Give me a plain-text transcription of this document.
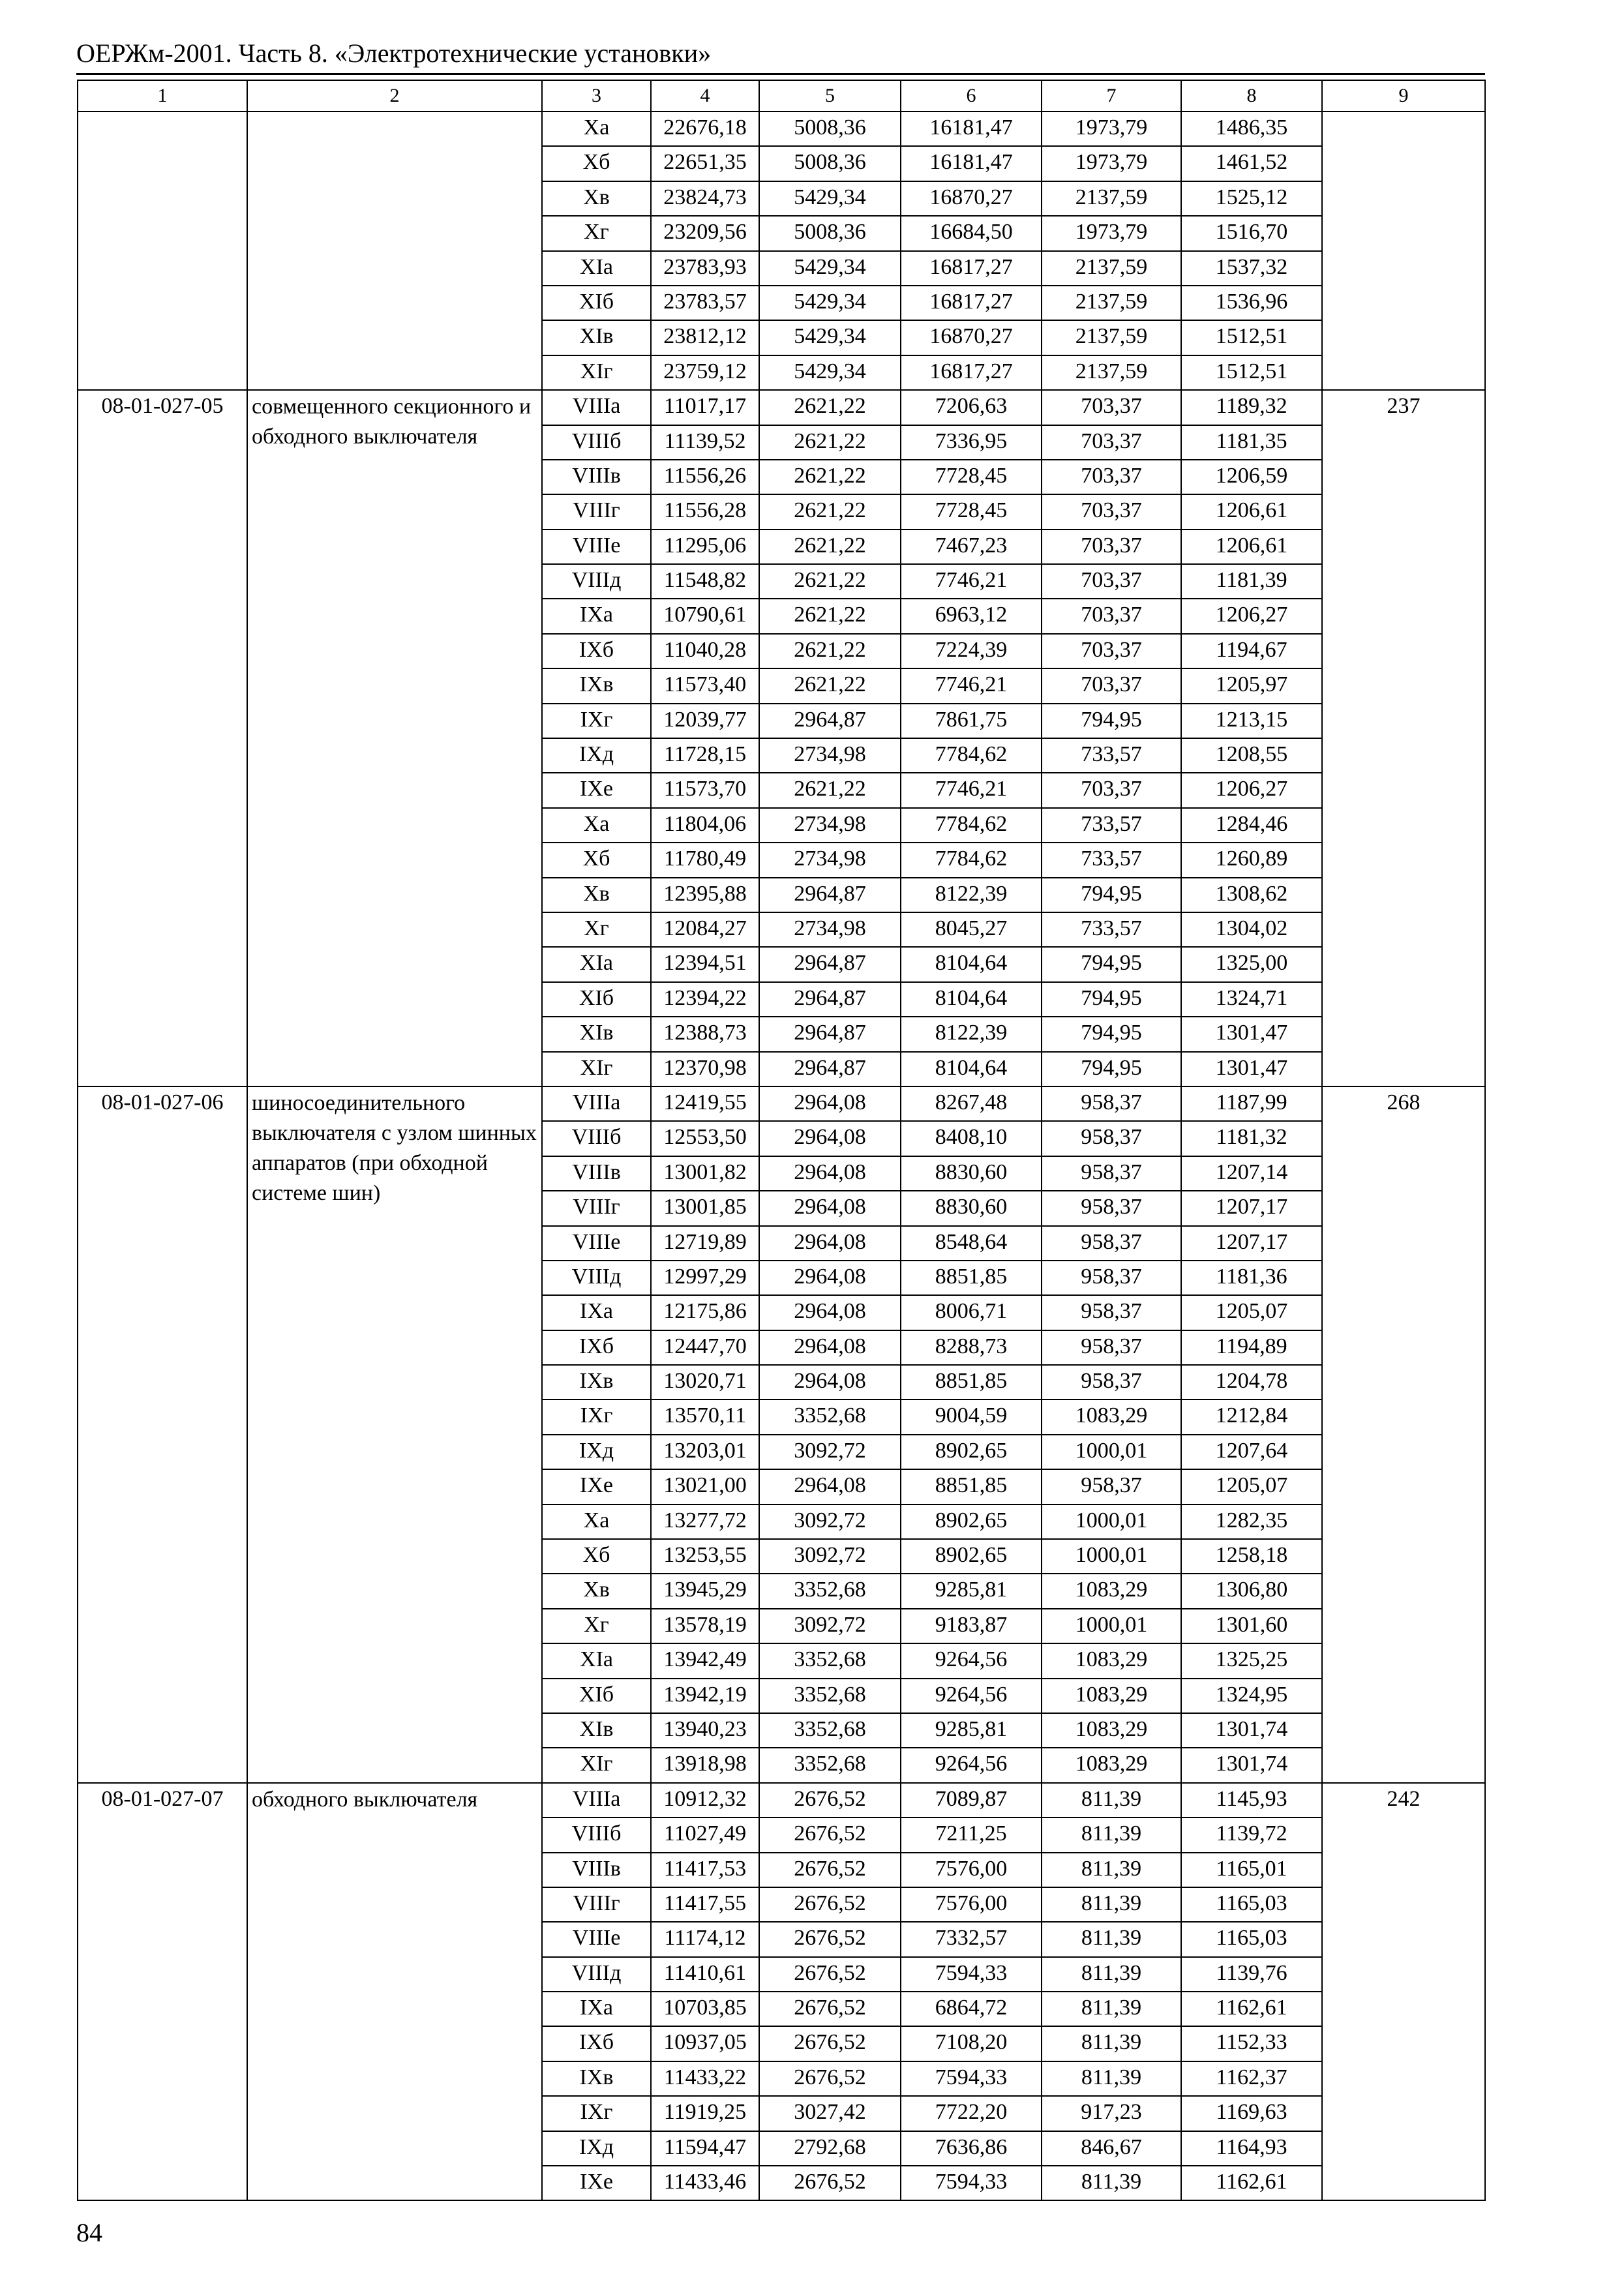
ОЕРЖм-2001. Часть 8. «Электротехнические установки»
1	2	3	4	5	6	7	8	9
		Xа	22676,18	5008,36	16181,47	1973,79	1486,35	
		Xб	22651,35	5008,36	16181,47	1973,79	1461,52	
		Xв	23824,73	5429,34	16870,27	2137,59	1525,12	
		Xг	23209,56	5008,36	16684,50	1973,79	1516,70	
		XIа	23783,93	5429,34	16817,27	2137,59	1537,32	
		XIб	23783,57	5429,34	16817,27	2137,59	1536,96	
		XIв	23812,12	5429,34	16870,27	2137,59	1512,51	
		XIг	23759,12	5429,34	16817,27	2137,59	1512,51	
08-01-027-05	совмещенного секционного и обходного выключателя	VIIIа	11017,17	2621,22	7206,63	703,37	1189,32	237
		VIIIб	11139,52	2621,22	7336,95	703,37	1181,35	
		VIIIв	11556,26	2621,22	7728,45	703,37	1206,59	
		VIIIг	11556,28	2621,22	7728,45	703,37	1206,61	
		VIIIе	11295,06	2621,22	7467,23	703,37	1206,61	
		VIIIд	11548,82	2621,22	7746,21	703,37	1181,39	
		IXа	10790,61	2621,22	6963,12	703,37	1206,27	
		IXб	11040,28	2621,22	7224,39	703,37	1194,67	
		IXв	11573,40	2621,22	7746,21	703,37	1205,97	
		IXг	12039,77	2964,87	7861,75	794,95	1213,15	
		IXд	11728,15	2734,98	7784,62	733,57	1208,55	
		IXе	11573,70	2621,22	7746,21	703,37	1206,27	
		Xа	11804,06	2734,98	7784,62	733,57	1284,46	
		Xб	11780,49	2734,98	7784,62	733,57	1260,89	
		Xв	12395,88	2964,87	8122,39	794,95	1308,62	
		Xг	12084,27	2734,98	8045,27	733,57	1304,02	
		XIа	12394,51	2964,87	8104,64	794,95	1325,00	
		XIб	12394,22	2964,87	8104,64	794,95	1324,71	
		XIв	12388,73	2964,87	8122,39	794,95	1301,47	
		XIг	12370,98	2964,87	8104,64	794,95	1301,47	
08-01-027-06	шиносоединительного выключателя с узлом шинных аппаратов (при обходной системе шин)	VIIIа	12419,55	2964,08	8267,48	958,37	1187,99	268
		VIIIб	12553,50	2964,08	8408,10	958,37	1181,32	
		VIIIв	13001,82	2964,08	8830,60	958,37	1207,14	
		VIIIг	13001,85	2964,08	8830,60	958,37	1207,17	
		VIIIе	12719,89	2964,08	8548,64	958,37	1207,17	
		VIIIд	12997,29	2964,08	8851,85	958,37	1181,36	
		IXа	12175,86	2964,08	8006,71	958,37	1205,07	
		IXб	12447,70	2964,08	8288,73	958,37	1194,89	
		IXв	13020,71	2964,08	8851,85	958,37	1204,78	
		IXг	13570,11	3352,68	9004,59	1083,29	1212,84	
		IXд	13203,01	3092,72	8902,65	1000,01	1207,64	
		IXе	13021,00	2964,08	8851,85	958,37	1205,07	
		Xа	13277,72	3092,72	8902,65	1000,01	1282,35	
		Xб	13253,55	3092,72	8902,65	1000,01	1258,18	
		Xв	13945,29	3352,68	9285,81	1083,29	1306,80	
		Xг	13578,19	3092,72	9183,87	1000,01	1301,60	
		XIа	13942,49	3352,68	9264,56	1083,29	1325,25	
		XIб	13942,19	3352,68	9264,56	1083,29	1324,95	
		XIв	13940,23	3352,68	9285,81	1083,29	1301,74	
		XIг	13918,98	3352,68	9264,56	1083,29	1301,74	
08-01-027-07	обходного выключателя	VIIIа	10912,32	2676,52	7089,87	811,39	1145,93	242
		VIIIб	11027,49	2676,52	7211,25	811,39	1139,72	
		VIIIв	11417,53	2676,52	7576,00	811,39	1165,01	
		VIIIг	11417,55	2676,52	7576,00	811,39	1165,03	
		VIIIе	11174,12	2676,52	7332,57	811,39	1165,03	
		VIIIд	11410,61	2676,52	7594,33	811,39	1139,76	
		IXа	10703,85	2676,52	6864,72	811,39	1162,61	
		IXб	10937,05	2676,52	7108,20	811,39	1152,33	
		IXв	11433,22	2676,52	7594,33	811,39	1162,37	
		IXг	11919,25	3027,42	7722,20	917,23	1169,63	
		IXд	11594,47	2792,68	7636,86	846,67	1164,93	
		IXе	11433,46	2676,52	7594,33	811,39	1162,61	
84
